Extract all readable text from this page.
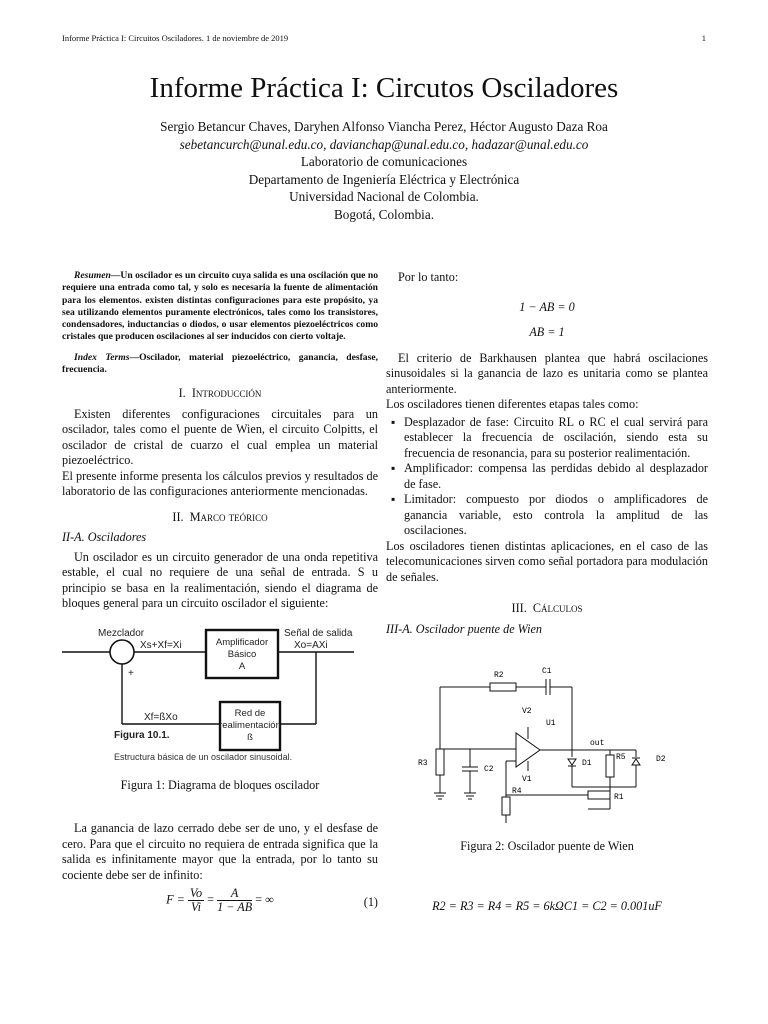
Informe Práctica I: Circuitos Osciladores. 1 de noviembre de 2019	1
Informe Práctica I: Circutos Osciladores
Sergio Betancur Chaves, Daryhen Alfonso Viancha Perez, Héctor Augusto Daza Roa
sebetancurch@unal.edu.co, davianchap@unal.edu.co, hadazar@unal.edu.co
Laboratorio de comunicaciones
Departamento de Ingeniería Eléctrica y Electrónica
Universidad Nacional de Colombia.
Bogotá, Colombia.

Resumen—Un oscilador es un circuito cuya salida es una oscilación que no requiere una entrada como tal, y solo es necesaria la fuente de alimentación para los elementos. existen distintas configuraciones para este propósito, ya sea utilizando elementos puramente electrónicos, tales como los transistores, condensadores, inductancias o diodos, o usar elementos piezoeléctricos como cristales que producen oscilaciones al ser inducidos con cierto voltaje.

Index Terms—Oscilador, material piezoeléctrico, ganancia, desfase, frecuencia.

I. Introducción

Existen diferentes configuraciones circuitales para un oscilador, tales como el puente de Wien, el circuito Colpitts, el oscilador de cristal de cuarzo el cual emplea un material piezoeléctrico.

El presente informe presenta los cálculos previos y resultados de laboratorio de las configuraciones anteriormente mencionadas.

II. Marco teórico
II-A. Osciladores

Un oscilador es un circuito generador de una onda repetitiva estable, el cual no requiere de una señal de entrada. S u principio se basa en la realimentación, siendo el diagrama de bloques general para un circuito oscilador el siguiente:

Mezclador
Xs+Xf=Xi	Amplificador
Básico
A
Señal de salida
Xo=AXi
Red de
realimentación
ß
Xf=ßXo
+
Figura 10.1.
Estructura básica de un oscilador sinusoidal.
Figura 1: Diagrama de bloques oscilador

La ganancia de lazo cerrado debe ser de uno, y el desfase de cero. Para que el circuito no requiera de entrada significa que la salida es infinitamente mayor que la entrada, por lo tanto su cociente debe ser de infinito:

$F = \frac{Vo}{Vi} = \frac{A}{1 - AB}$ = ∞	(1)

Por lo tanto:

1 − AB = 0
AB = 1

El criterio de Barkhausen plantea que habrá oscilaciones sinusoidales si la ganancia de lazo es unitaria como se plantea anteriormente.

Los osciladores tienen diferentes etapas tales como:

▪ Desplazador de fase: Circuito RL o RC el cual servirá para establecer la frecuencia de oscilación, siendo esta su frecuencia de resonancia, para su posterior realimentación.
▪ Amplificador: compensa las perdidas debido al desplazador de fase.
▪ Limitador: compuesto por diodos o amplificadores de ganancia variable, esto controla la amplitud de las oscilaciones.

Los osciladores tienen distintas aplicaciones, en el caso de las telecomunicaciones sirven como señal portadora para modulación de señales.

III. Cálculos
III-A. Oscilador puente de Wien
R2	C1
V2
U1
out
R3
C2
V1
D1
R5	D2
R4
R1
Figura 2: Oscilador puente de Wien
R2 = R3 = R4 = R5 = 6kΩC1 = C2 = 0.001uF
